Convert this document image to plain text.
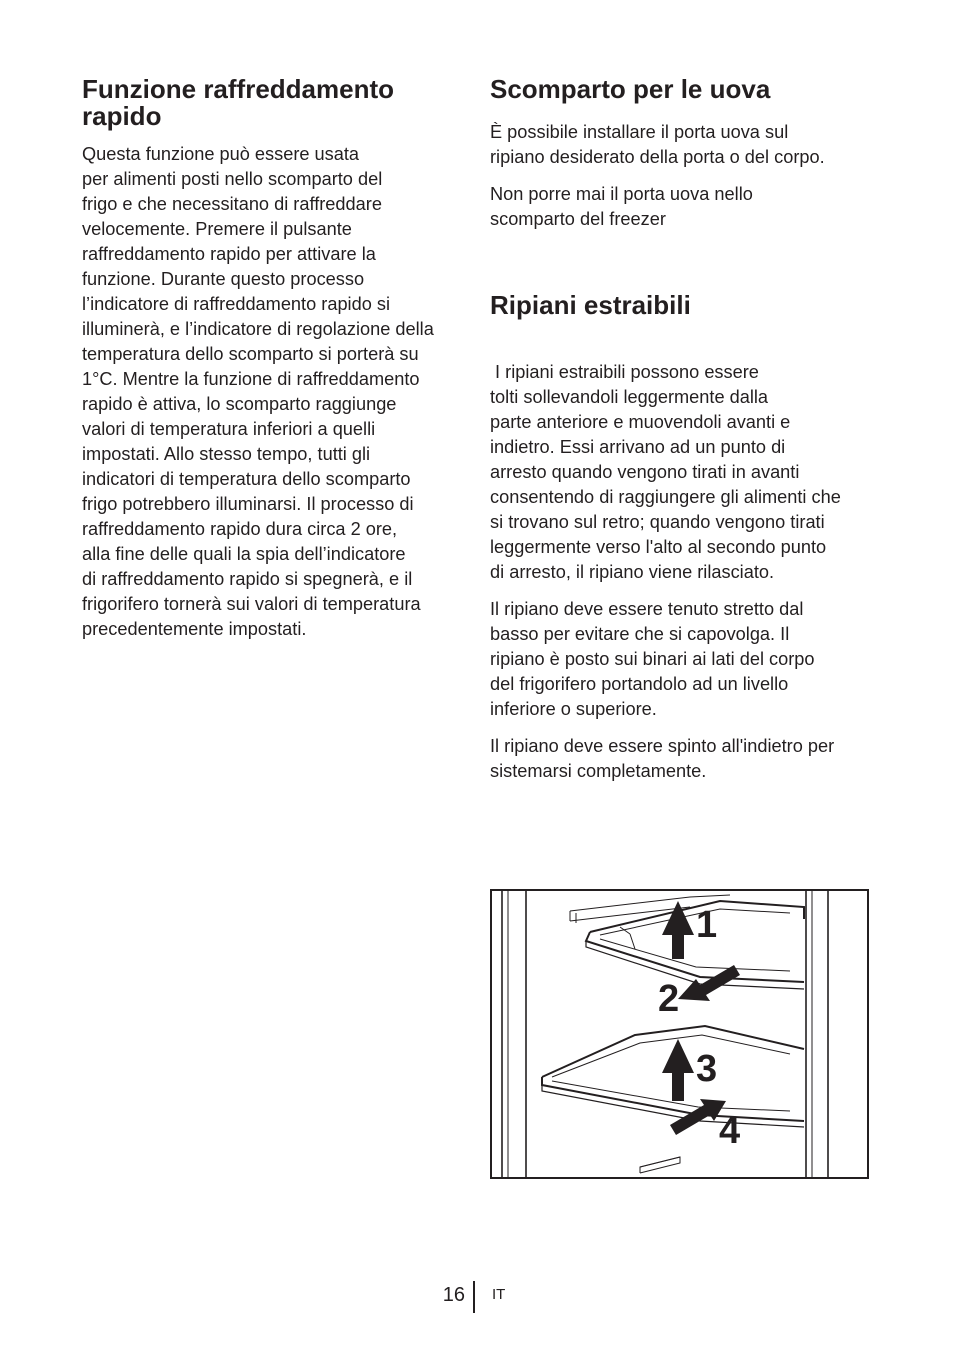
Funzione raffreddamento
rapido

Questa funzione può essere usata
per alimenti posti nello scomparto del
frigo e che necessitano di raffreddare
velocemente. Premere il pulsante
raffreddamento rapido per attivare la
funzione. Durante questo processo
l’indicatore di raffreddamento rapido si
illuminerà, e l’indicatore di regolazione della
temperatura dello scomparto si porterà su
1°C. Mentre la funzione di raffreddamento
rapido è attiva, lo scomparto raggiunge
valori di temperatura inferiori a quelli
impostati. Allo stesso tempo, tutti gli
indicatori di temperatura dello scomparto
frigo potrebbero illuminarsi. Il processo di
raffreddamento rapido dura circa 2 ore,
alla fine delle quali la spia dell’indicatore
di raffreddamento rapido si spegnerà, e il
frigorifero tornerà sui valori di temperatura
precedentemente impostati.

Scomparto per le uova

È possibile installare il porta uova sul
ripiano desiderato della porta o del corpo.

Non porre mai il porta uova nello
scomparto del freezer

Ripiani estraibili

I ripiani estraibili possono essere
tolti sollevandoli leggermente dalla
parte anteriore e muovendoli avanti e
indietro. Essi arrivano ad un punto di
arresto quando vengono tirati in avanti
consentendo di raggiungere gli alimenti che
si trovano sul retro; quando vengono tirati
leggermente verso l'alto al secondo punto
di arresto, il ripiano viene rilasciato.

Il ripiano deve essere tenuto stretto dal
basso per evitare che si capovolga. Il
ripiano è posto sui binari ai lati del corpo
del frigorifero portandolo ad un livello
inferiore o superiore.

Il ripiano deve essere spinto all'indietro per
sistemarsi completamente.

1
2
3
4
16 IT
